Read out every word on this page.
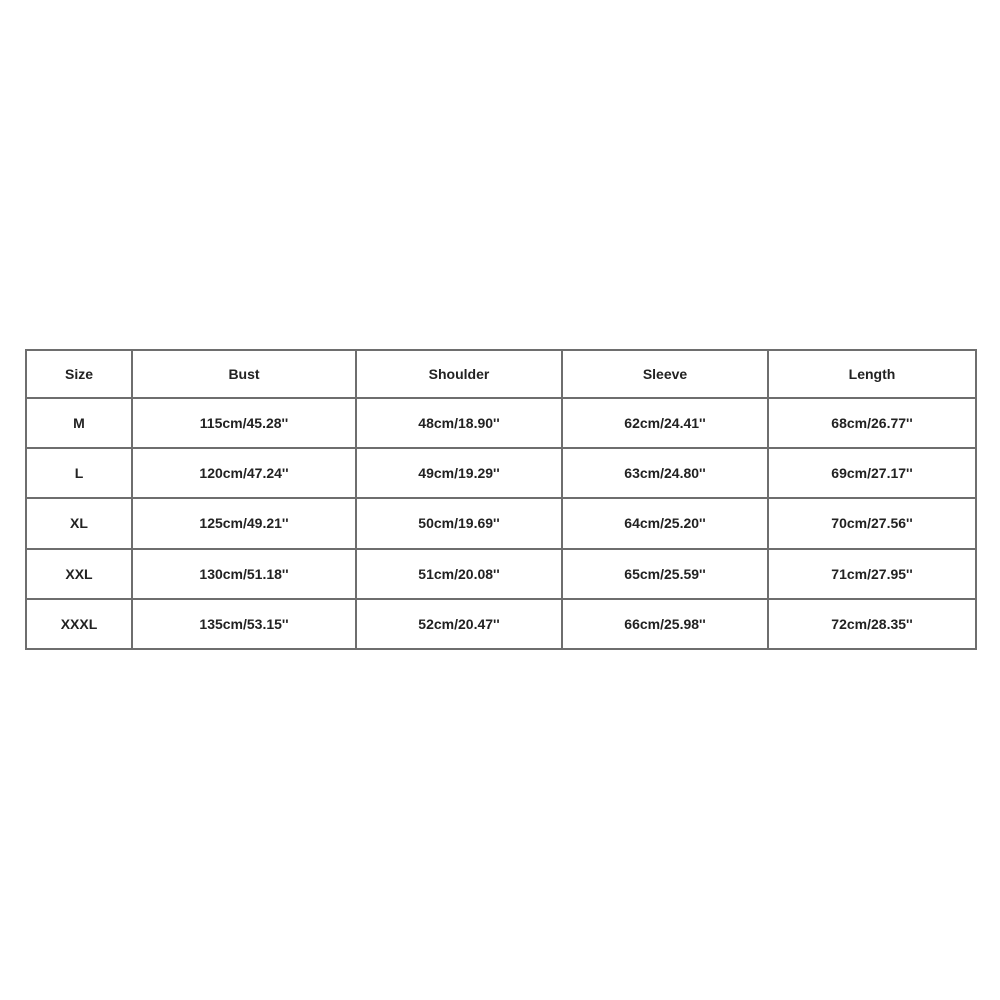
Size	Bust	Shoulder	Sleeve	Length
M	115cm/45.28''	48cm/18.90''	62cm/24.41''	68cm/26.77''
L	120cm/47.24''	49cm/19.29''	63cm/24.80''	69cm/27.17''
XL	125cm/49.21''	50cm/19.69''	64cm/25.20''	70cm/27.56''
XXL	130cm/51.18''	51cm/20.08''	65cm/25.59''	71cm/27.95''
XXXL	135cm/53.15''	52cm/20.47''	66cm/25.98''	72cm/28.35''
